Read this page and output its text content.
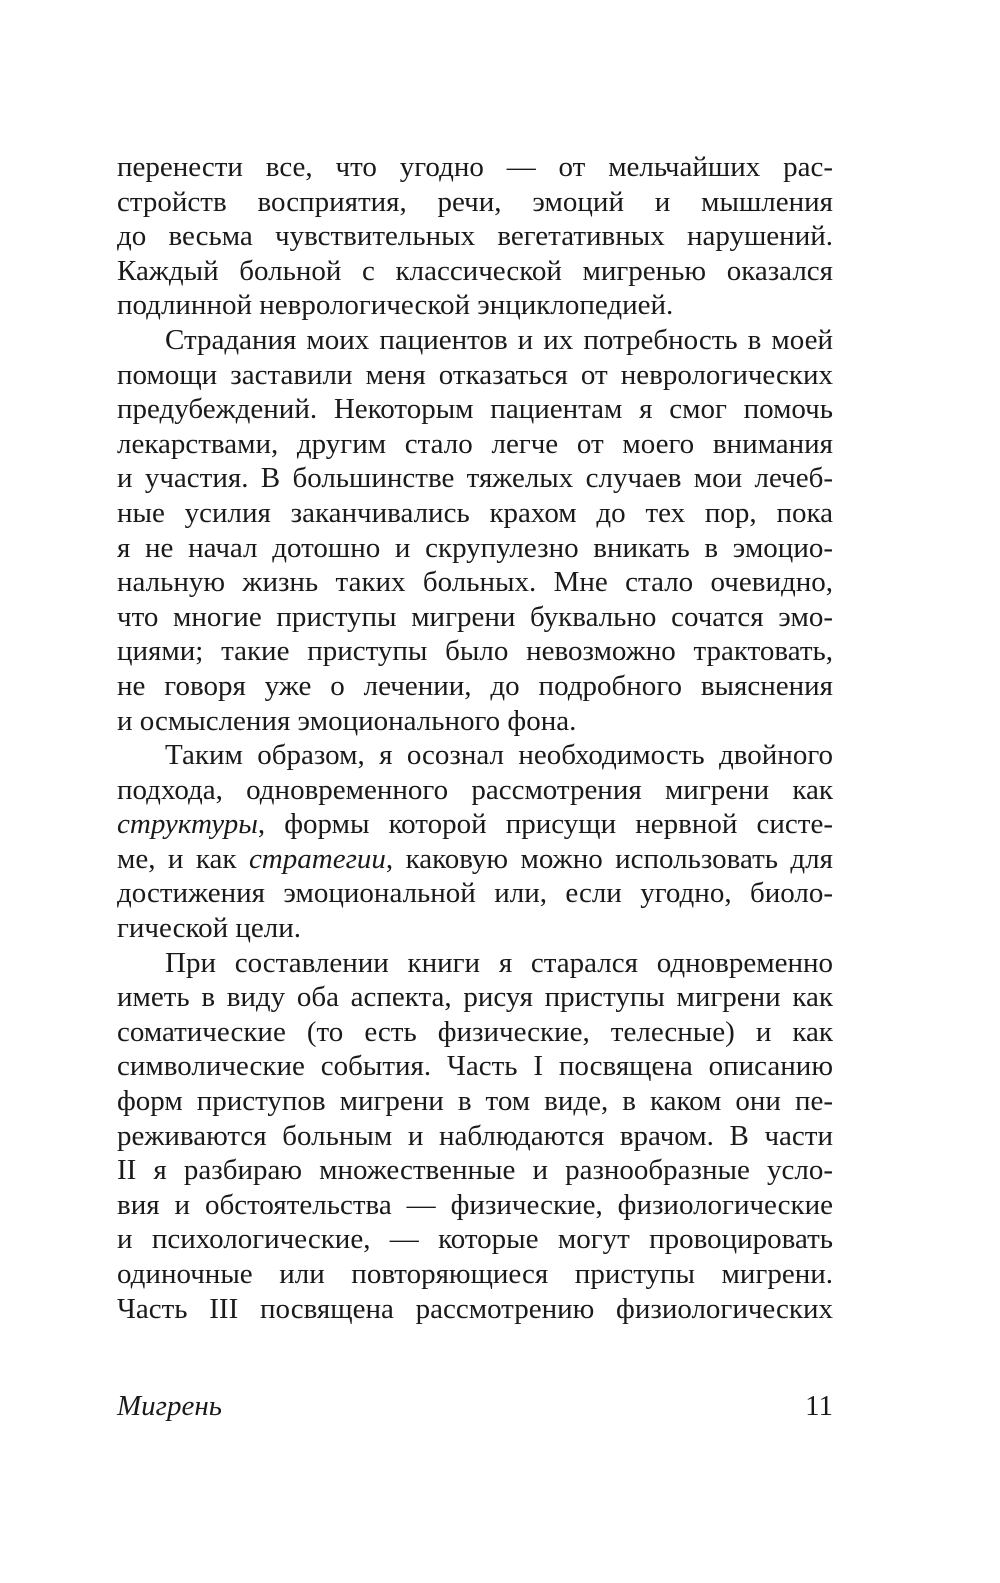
перенести все, что угодно — от мельчайших рас-
стройств восприятия, речи, эмоций и мышления
до весьма чувствительных вегетативных нарушений.
Каждый больной с классической мигренью оказался
подлинной неврологической энциклопедией.
Страдания моих пациентов и их потребность в моей
помощи заставили меня отказаться от неврологических
предубеждений. Некоторым пациентам я смог помочь
лекарствами, другим стало легче от моего внимания
и участия. В большинстве тяжелых случаев мои лечеб-
ные усилия заканчивались крахом до тех пор, пока
я не начал дотошно и скрупулезно вникать в эмоцио-
нальную жизнь таких больных. Мне стало очевидно,
что многие приступы мигрени буквально сочатся эмо-
циями; такие приступы было невозможно трактовать,
не говоря уже о лечении, до подробного выяснения
и осмысления эмоционального фона.
Таким образом, я осознал необходимость двойного
подхода, одновременного рассмотрения мигрени как
структуры, формы которой присущи нервной систе-
ме, и как стратегии, каковую можно использовать для
достижения эмоциональной или, если угодно, биоло-
гической цели.
При составлении книги я старался одновременно
иметь в виду оба аспекта, рисуя приступы мигрени как
соматические (то есть физические, телесные) и как
символические события. Часть I посвящена описанию
форм приступов мигрени в том виде, в каком они пе-
реживаются больным и наблюдаются врачом. В части
II я разбираю множественные и разнообразные усло-
вия и обстоятельства — физические, физиологические
и психологические, — которые могут провоцировать
одиночные или повторяющиеся приступы мигрени.
Часть III посвящена рассмотрению физиологических

Мигрень	11
